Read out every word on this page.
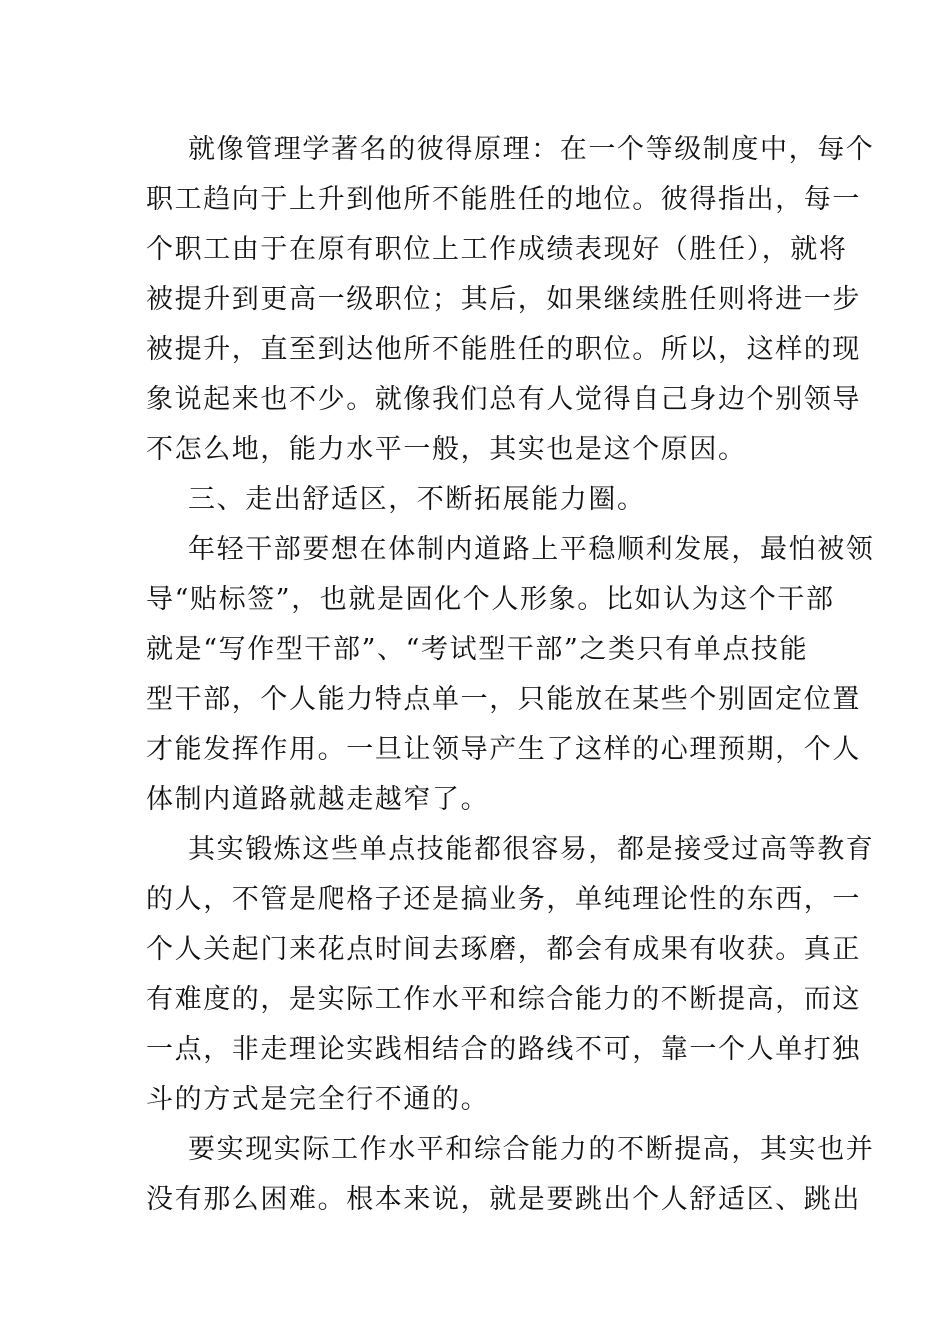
就像管理学著名的彼得原理：在一个等级制度中，每个
职工趋向于上升到他所不能胜任的地位。彼得指出，每一
个职工由于在原有职位上工作成绩表现好（胜任），就将
被提升到更高一级职位；其后，如果继续胜任则将进一步
被提升，直至到达他所不能胜任的职位。所以，这样的现
象说起来也不少。就像我们总有人觉得自己身边个别领导
不怎么地，能力水平一般，其实也是这个原因。
三、走出舒适区，不断拓展能力圈。
年轻干部要想在体制内道路上平稳顺利发展，最怕被领
导“贴标签”，也就是固化个人形象。比如认为这个干部
就是“写作型干部”、“考试型干部”之类只有单点技能
型干部，个人能力特点单一，只能放在某些个别固定位置
才能发挥作用。一旦让领导产生了这样的心理预期，个人
体制内道路就越走越窄了。
其实锻炼这些单点技能都很容易，都是接受过高等教育
的人，不管是爬格子还是搞业务，单纯理论性的东西，一
个人关起门来花点时间去琢磨，都会有成果有收获。真正
有难度的，是实际工作水平和综合能力的不断提高，而这
一点，非走理论实践相结合的路线不可，靠一个人单打独
斗的方式是完全行不通的。
要实现实际工作水平和综合能力的不断提高，其实也并
没有那么困难。根本来说，就是要跳出个人舒适区、跳出
